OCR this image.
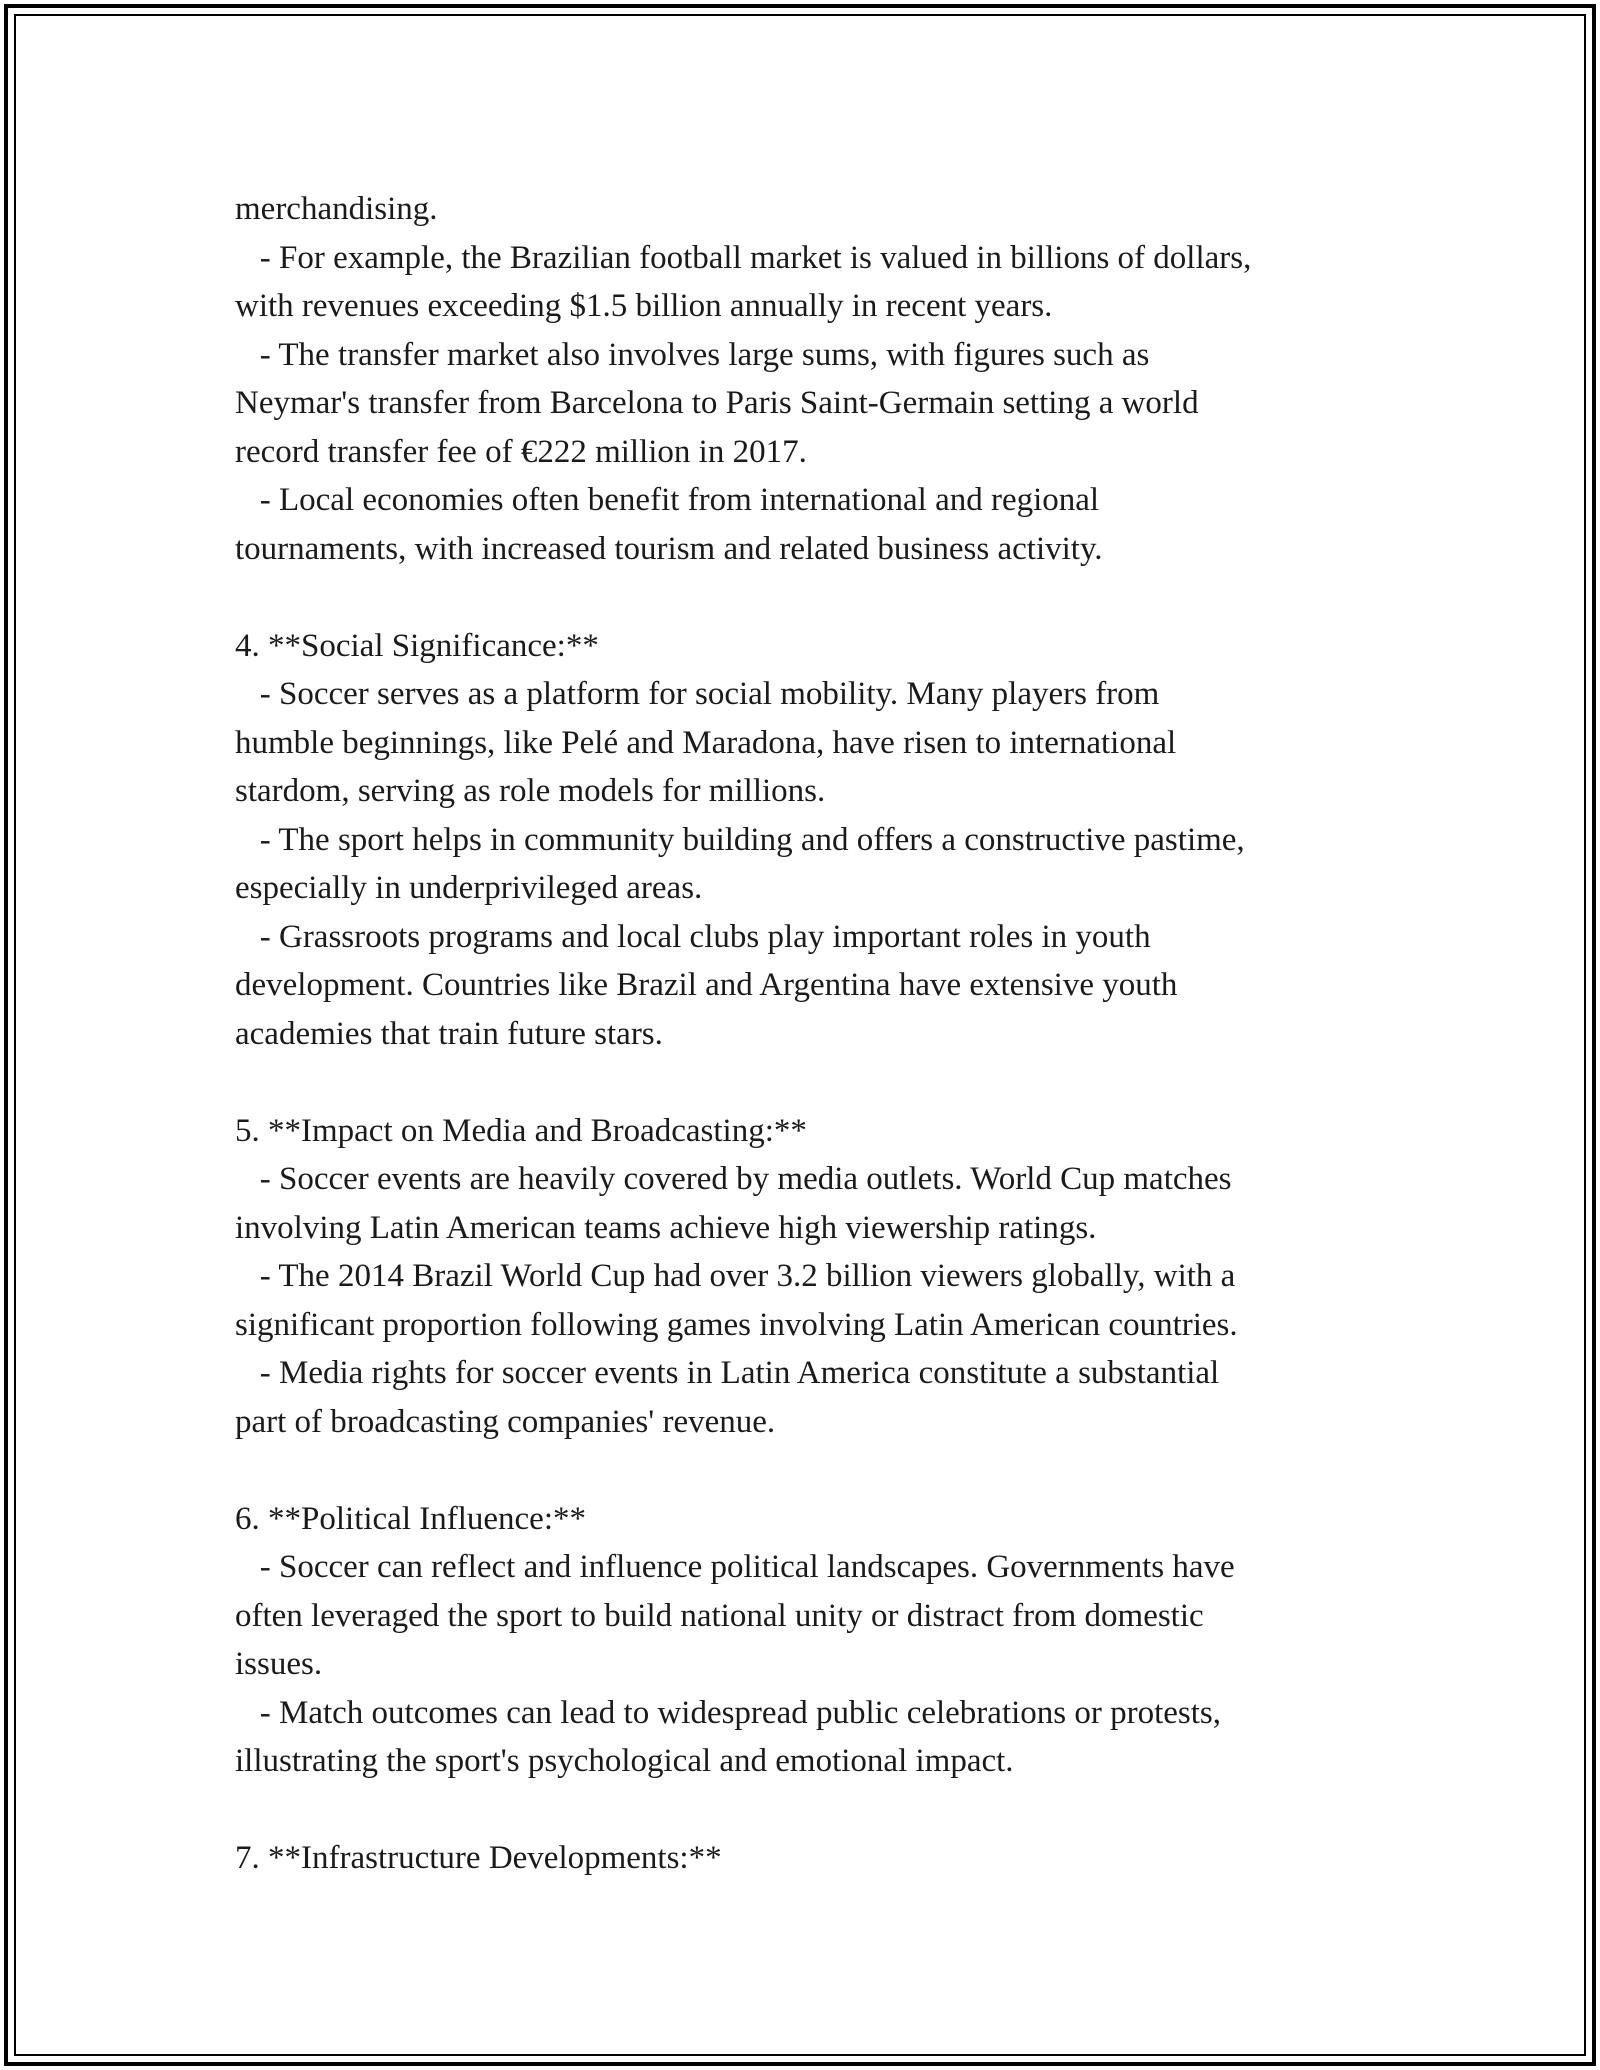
merchandising.

- For example, the Brazilian football market is valued in billions of dollars,

with revenues exceeding $1.5 billion annually in recent years.

- The transfer market also involves large sums, with figures such as

Neymar's transfer from Barcelona to Paris Saint-Germain setting a world

record transfer fee of €222 million in 2017.

- Local economies often benefit from international and regional

tournaments, with increased tourism and related business activity.

4. **Social Significance:**

- Soccer serves as a platform for social mobility. Many players from

humble beginnings, like Pelé and Maradona, have risen to international

stardom, serving as role models for millions.

- The sport helps in community building and offers a constructive pastime,

especially in underprivileged areas.

- Grassroots programs and local clubs play important roles in youth

development. Countries like Brazil and Argentina have extensive youth

academies that train future stars.

5. **Impact on Media and Broadcasting:**

- Soccer events are heavily covered by media outlets. World Cup matches

involving Latin American teams achieve high viewership ratings.

- The 2014 Brazil World Cup had over 3.2 billion viewers globally, with a

significant proportion following games involving Latin American countries.

- Media rights for soccer events in Latin America constitute a substantial

part of broadcasting companies' revenue.

6. **Political Influence:**

- Soccer can reflect and influence political landscapes. Governments have

often leveraged the sport to build national unity or distract from domestic

issues.

- Match outcomes can lead to widespread public celebrations or protests,

illustrating the sport's psychological and emotional impact.

7. **Infrastructure Developments:**
